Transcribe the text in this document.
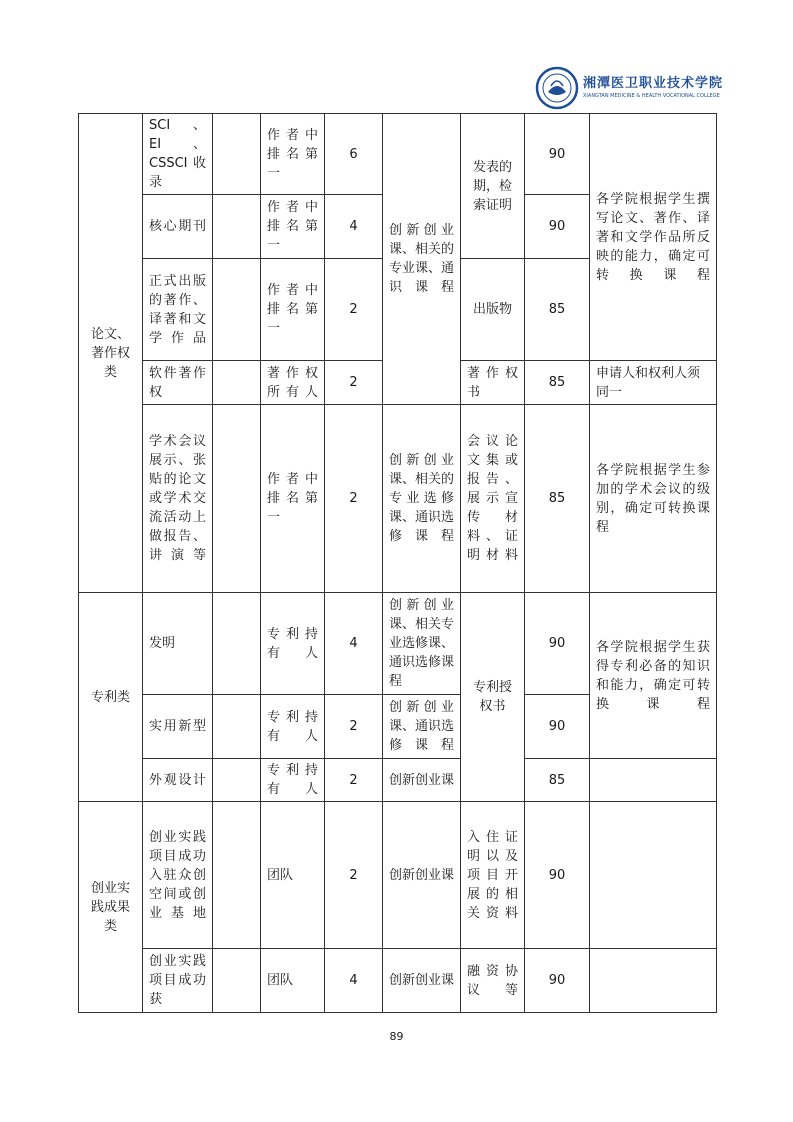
湘潭医卫职业技术学院
XIANGTAN MEDICINE & HEALTH VOCATIONAL COLLEGE
论文、著作权类	SCI、EI、CSSCI 收录		作者中排名第一	6	创新创业课、相关的专业课、通识课程	发表的期，检索证明	90	各学院根据学生撰写论文、著作、译著和文学作品所反映的能力，确定可转换课程
	核心期刊		作者中排名第一	4			90	
	正式出版的著作、译著和文学作品		作者中排名第一	2		出版物	85	
	软件著作权		著作权所有人	2		著作权书	85	申请人和权利人须同一
	学术会议展示、张贴的论文或学术交流活动上做报告、讲演等		作者中排名第一	2	创新创业课、相关的专业选修课、通识选修课程	会议论文集或报告、展示宣传材料、证明材料	85	各学院根据学生参加的学术会议的级别，确定可转换课程
专利类	发明		专利持有人	4	创新创业课、相关专业选修课、通识选修课程	专利授权书	90	各学院根据学生获得专利必备的知识和能力，确定可转换课程
	实用新型		专利持有人	2	创新创业课、通识选修课程		90	
	外观设计		专利持有人	2	创新创业课		85	
创业实践成果类	创业实践项目成功入驻众创空间或创业基地		团队	2	创新创业课	入住证明以及项目开展的相关资料	90	
	创业实践项目成功获		团队	4	创新创业课	融资协议等	90	
89
